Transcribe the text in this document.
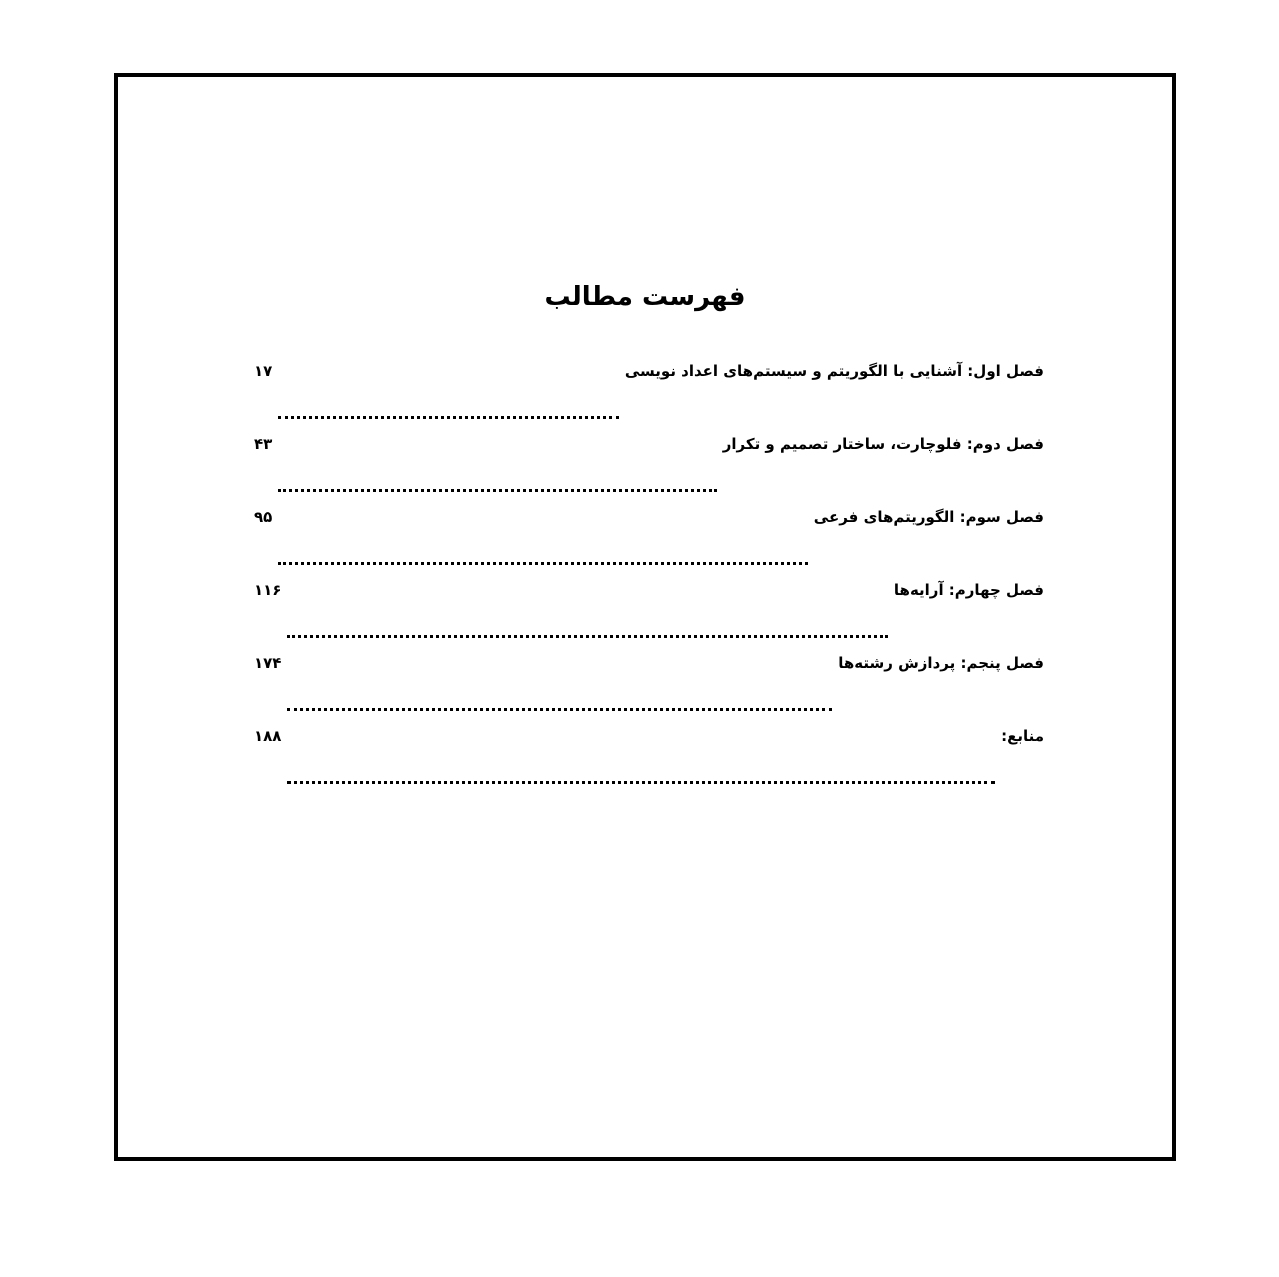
فهرست مطالب
فصل اول: آشنایی با الگوریتم و سیستم‌های اعداد نویسی
۱۷
فصل دوم: فلوچارت، ساختار تصمیم و تکرار
۴۳
فصل سوم: الگوریتم‌های فرعی
۹۵
فصل چهارم: آرایه‌ها
۱۱۶
فصل پنجم: پردازش رشته‌ها
۱۷۴
منابع:
۱۸۸
